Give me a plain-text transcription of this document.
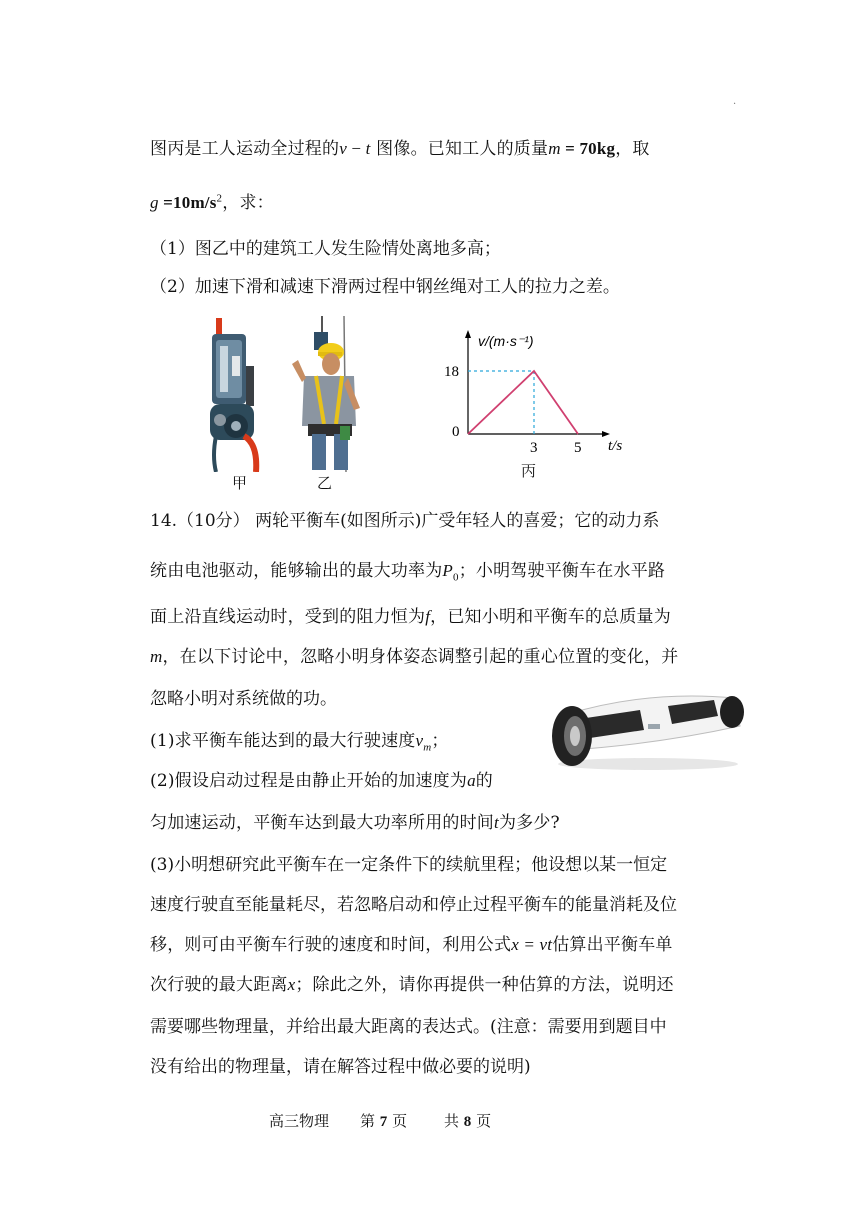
.
图丙是工人运动全过程的v − t 图像。已知工人的质量m = 70kg，取
$g =10m/s^2$，求：
（1）图乙中的建筑工人发生险情处离地多高；
（2）加速下滑和减速下滑两过程中钢丝绳对工人的拉力之差。
甲	乙
v/(m·s⁻¹)
0
t/s
18
3 5
丙
14.（10分） 两轮平衡车(如图所示)广受年轻人的喜爱；它的动力系
统由电池驱动，能够输出的最大功率为$P_0$；小明驾驶平衡车在水平路
面上沿直线运动时，受到的阻力恒为f，已知小明和平衡车的总质量为
m，在以下讨论中，忽略小明身体姿态调整引起的重心位置的变化，并
忽略小明对系统做的功。
(1)求平衡车能达到的最大行驶速度$v_m$；
(2)假设启动过程是由静止开始的加速度为a的
匀加速运动，平衡车达到最大功率所用的时间t为多少?
(3)小明想研究此平衡车在一定条件下的续航里程；他设想以某一恒定
速度行驶直至能量耗尽，若忽略启动和停止过程平衡车的能量消耗及位
移，则可由平衡车行驶的速度和时间，利用公式x = vt估算出平衡车单
次行驶的最大距离x；除此之外，请你再提供一种估算的方法，说明还
需要哪些物理量，并给出最大距离的表达式。(注意：需要用到题目中
没有给出的物理量，请在解答过程中做必要的说明)
高三物理 第 7 页 共 8 页
